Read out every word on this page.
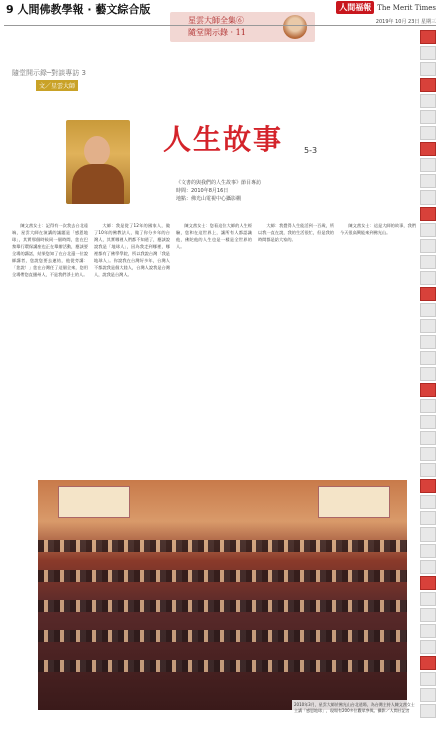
9 人間佛教學報 · 藝文綜合版	人間福報 The Merit Times
2019年 10月 23日 星期三
星雲大師全集⑥
隨堂開示錄 · 11
隨堂開示錄─對談專訪 3
文／星雲大師
人生故事	5-3
《文書的與我們的人生故事》節目專訪
時間：2010年8月16日
地點：佛光山電視中心攝影棚

陳文茜女士：記得有一次我去台北遠端，星雲大師在演講的議題是「感恩地球」，其實那個時候同一個時間，您在巴黎舉行環保講座也正在舉辦活動，應該要全場的講話，結果您知了在台北還一位說師講者，您說您要去連結，他從旁講：「您說！」您在台灣任了這個全來，您用全場帶您直播州人，不是我們淨土的人。

大師：我是從了12年的國家人，做了10年的佛教法人，做了你分多年的台灣人，其實哪裡人們都不知道了，應該說說我是「地球人」，因為我走到哪裡，哪裡都有了佛學學院，所以我說台灣「我是地球人」。你說我在台灣好多年，台灣人不都說我是個大陸人，台灣人說我是台灣人，說我是台灣人。

陳文茜女士：您看這位大師的人生經驗，您和在這世界上，讓所有人都認識他，佛陀他的人生也是一樣是全世界的人。

大師：我覺得人生能活到一百歲，所以我一直在說，我的生活很忙，但是我的時間都是給大家的。

陳文茜女士：這是大師的故事，我們今天很高興能來到佛光山。

2010年3月，星雲大師於佛光山台北道場，為台灣主持人陳文茜女士主講「感恩地球」，現場有200多位觀眾參與。攝影／人間社記者
